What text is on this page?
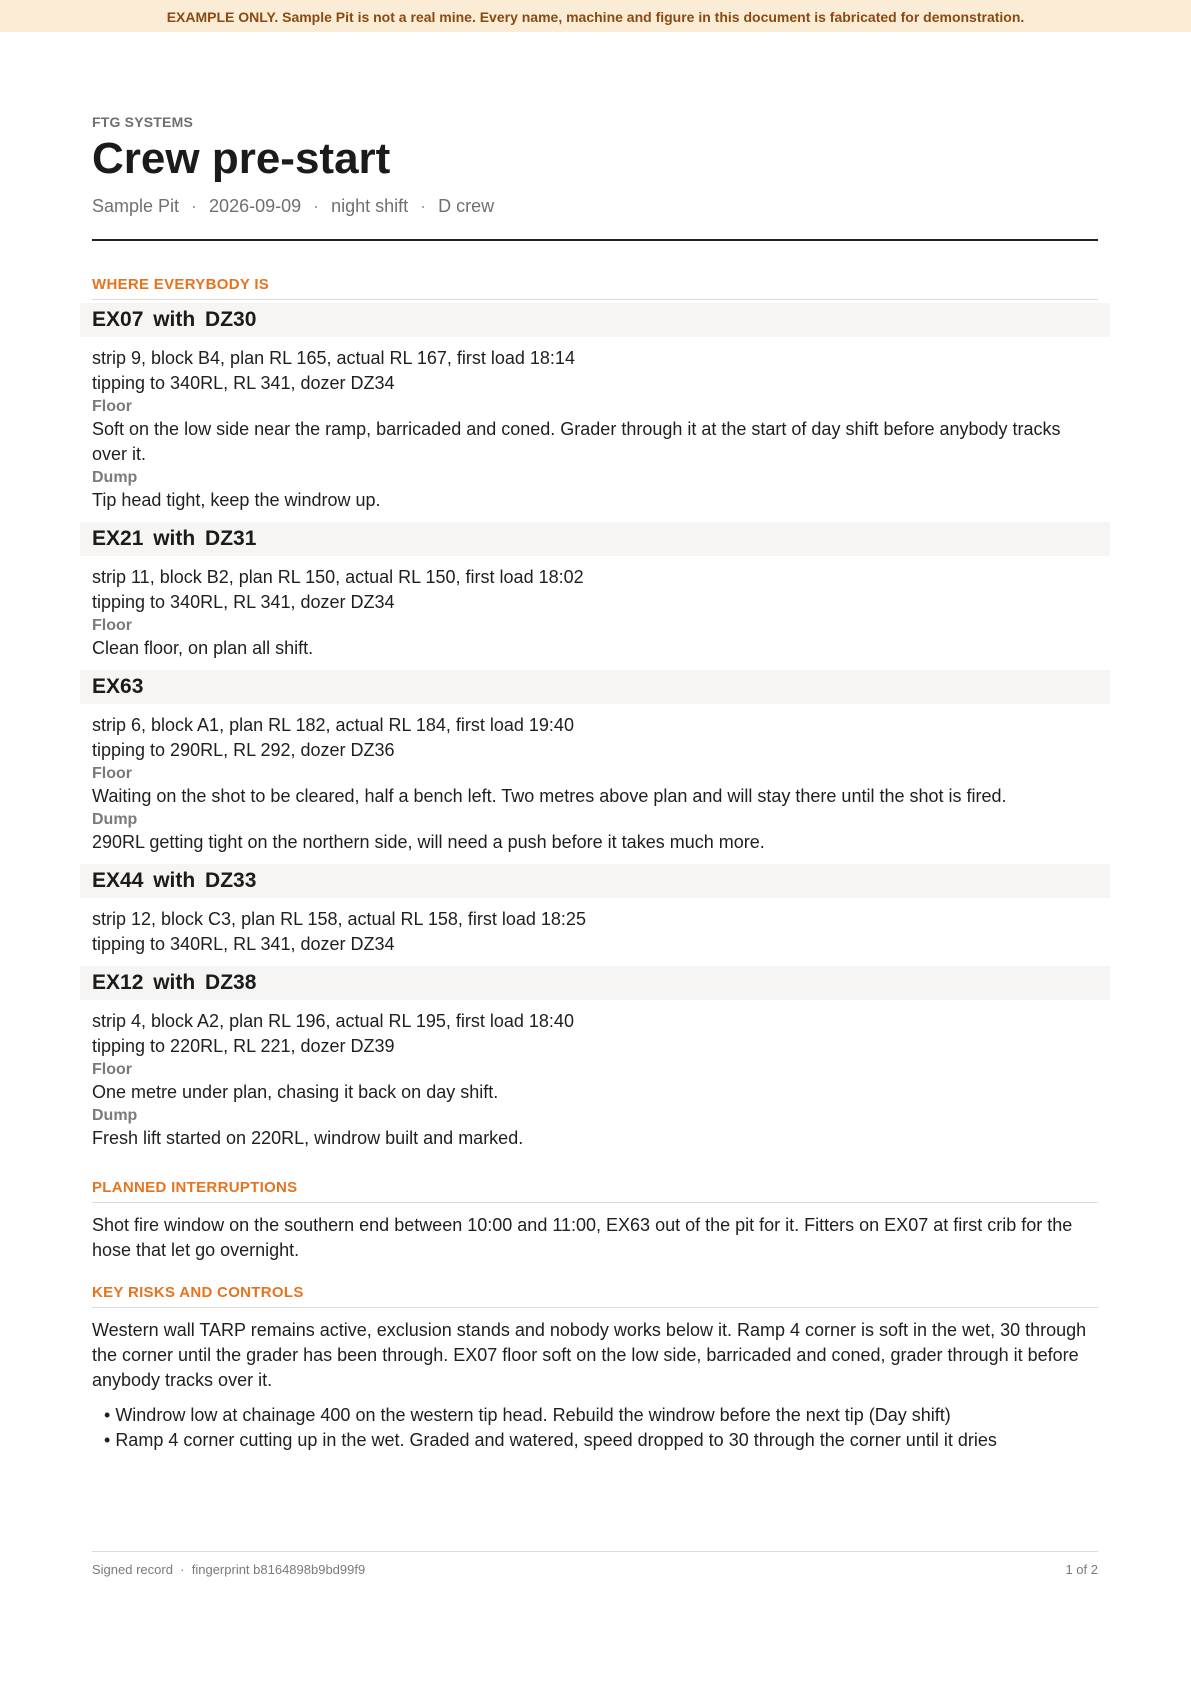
EXAMPLE ONLY. Sample Pit is not a real mine. Every name, machine and figure in this document is fabricated for demonstration.
FTG SYSTEMS
Crew pre-start
Sample Pit · 2026-09-09 · night shift · D crew
WHERE EVERYBODY IS
EX07 with DZ30
strip 9, block B4, plan RL 165, actual RL 167, first load 18:14
tipping to 340RL, RL 341, dozer DZ34
Floor
Soft on the low side near the ramp, barricaded and coned. Grader through it at the start of day shift before anybody tracks over it.
Dump
Tip head tight, keep the windrow up.
EX21 with DZ31
strip 11, block B2, plan RL 150, actual RL 150, first load 18:02
tipping to 340RL, RL 341, dozer DZ34
Floor
Clean floor, on plan all shift.
EX63
strip 6, block A1, plan RL 182, actual RL 184, first load 19:40
tipping to 290RL, RL 292, dozer DZ36
Floor
Waiting on the shot to be cleared, half a bench left. Two metres above plan and will stay there until the shot is fired.
Dump
290RL getting tight on the northern side, will need a push before it takes much more.
EX44 with DZ33
strip 12, block C3, plan RL 158, actual RL 158, first load 18:25
tipping to 340RL, RL 341, dozer DZ34
EX12 with DZ38
strip 4, block A2, plan RL 196, actual RL 195, first load 18:40
tipping to 220RL, RL 221, dozer DZ39
Floor
One metre under plan, chasing it back on day shift.
Dump
Fresh lift started on 220RL, windrow built and marked.
PLANNED INTERRUPTIONS
Shot fire window on the southern end between 10:00 and 11:00, EX63 out of the pit for it. Fitters on EX07 at first crib for the hose that let go overnight.
KEY RISKS AND CONTROLS
Western wall TARP remains active, exclusion stands and nobody works below it. Ramp 4 corner is soft in the wet, 30 through the corner until the grader has been through. EX07 floor soft on the low side, barricaded and coned, grader through it before anybody tracks over it.
• Windrow low at chainage 400 on the western tip head. Rebuild the windrow before the next tip (Day shift)
• Ramp 4 corner cutting up in the wet. Graded and watered, speed dropped to 30 through the corner until it dries
Signed record  ·  fingerprint b8164898b9bd99f9	1 of 2
